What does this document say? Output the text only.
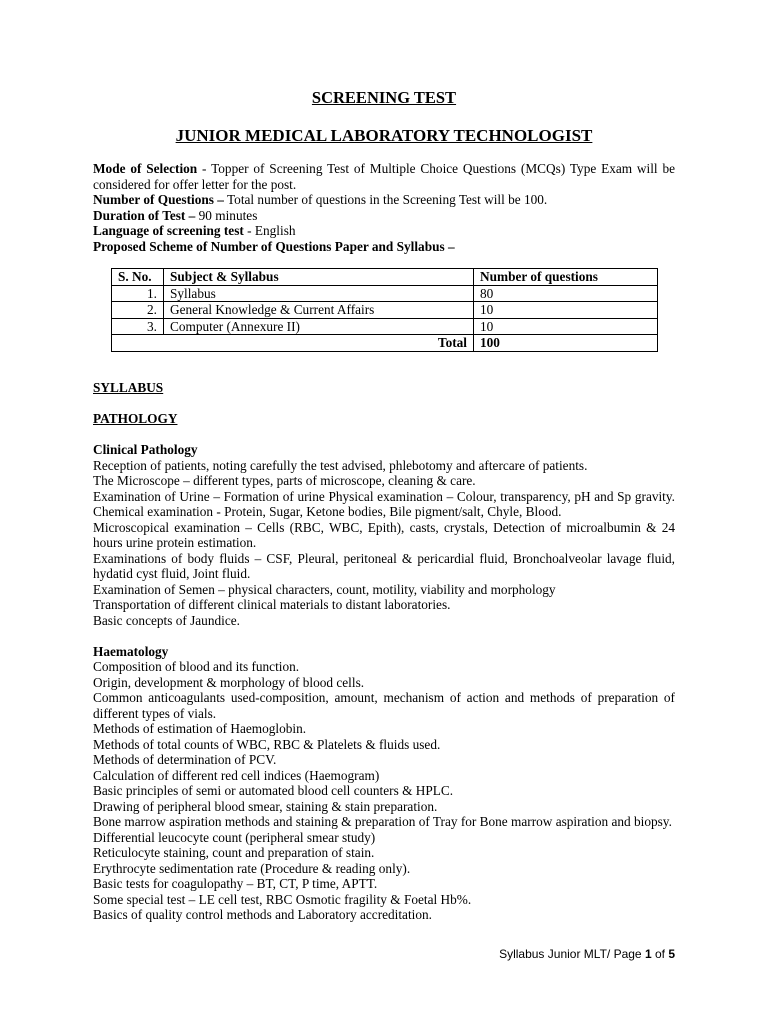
SCREENING TEST

JUNIOR MEDICAL LABORATORY TECHNOLOGIST

Mode of Selection - Topper of Screening Test of Multiple Choice Questions (MCQs) Type Exam will be considered for offer letter for the post.

Number of Questions – Total number of questions in the Screening Test will be 100.

Duration of Test – 90 minutes

Language of screening test - English

Proposed Scheme of Number of Questions Paper and Syllabus –

S. No.	Subject & Syllabus	Number of questions
1.	Syllabus	80
2.	General Knowledge & Current Affairs	10
3.	Computer (Annexure II)	10
Total		100

SYLLABUS

PATHOLOGY

Clinical Pathology

Reception of patients, noting carefully the test advised, phlebotomy and aftercare of patients.

The Microscope – different types, parts of microscope, cleaning & care.

Examination of Urine – Formation of urine Physical examination – Colour, transparency, pH and Sp gravity. Chemical examination - Protein, Sugar, Ketone bodies, Bile pigment/salt, Chyle, Blood.

Microscopical examination – Cells (RBC, WBC, Epith), casts, crystals, Detection of microalbumin & 24 hours urine protein estimation.

Examinations of body fluids – CSF, Pleural, peritoneal & pericardial fluid, Bronchoalveolar lavage fluid, hydatid cyst fluid, Joint fluid.

Examination of Semen – physical characters, count, motility, viability and morphology

Transportation of different clinical materials to distant laboratories.

Basic concepts of Jaundice.

Haematology

Composition of blood and its function.

Origin, development & morphology of blood cells.

Common anticoagulants used-composition, amount, mechanism of action and methods of preparation of different types of vials.

Methods of estimation of Haemoglobin.

Methods of total counts of WBC, RBC & Platelets & fluids used.

Methods of determination of PCV.

Calculation of different red cell indices (Haemogram)

Basic principles of semi or automated blood cell counters & HPLC.

Drawing of peripheral blood smear, staining & stain preparation.

Bone marrow aspiration methods and staining & preparation of Tray for Bone marrow aspiration and biopsy.

Differential leucocyte count (peripheral smear study)

Reticulocyte staining, count and preparation of stain.

Erythrocyte sedimentation rate (Procedure & reading only).

Basic tests for coagulopathy – BT, CT, P time, APTT.

Some special test – LE cell test, RBC Osmotic fragility & Foetal Hb%.

Basics of quality control methods and Laboratory accreditation.

Syllabus Junior MLT/ Page 1 of 5
